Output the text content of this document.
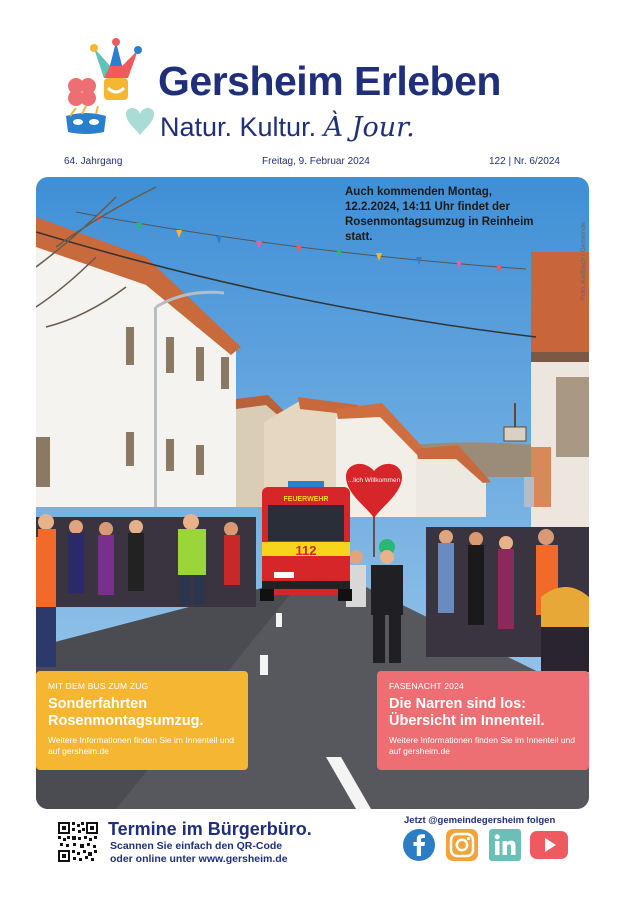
Gersheim Erleben
Natur. Kultur. À Jour.
64. Jahrgang	Freitag, 9. Februar 2024	122 | Nr. 6/2024
FEUERWEHR
112
...lich Willkommen
Auch kommenden Montag, 12.2.2024, 14:11 Uhr findet der Rosenmontagsumzug in Reinheim statt.	Foto: Karlbach / Gemeinde
MIT DEM BUS ZUM ZUG
Sonderfahrten Rosenmontagsumzug.
Weitere Informationen finden Sie im Innenteil und auf gersheim.de
FASENACHT 2024
Die Narren sind los: Übersicht im Innenteil.
Weitere Informationen finden Sie im Innenteil und auf gersheim.de
Termine im Bürgerbüro.
Scannen Sie einfach den QR-Code
oder online unter www.gersheim.de
Jetzt @gemeindegersheim folgen
